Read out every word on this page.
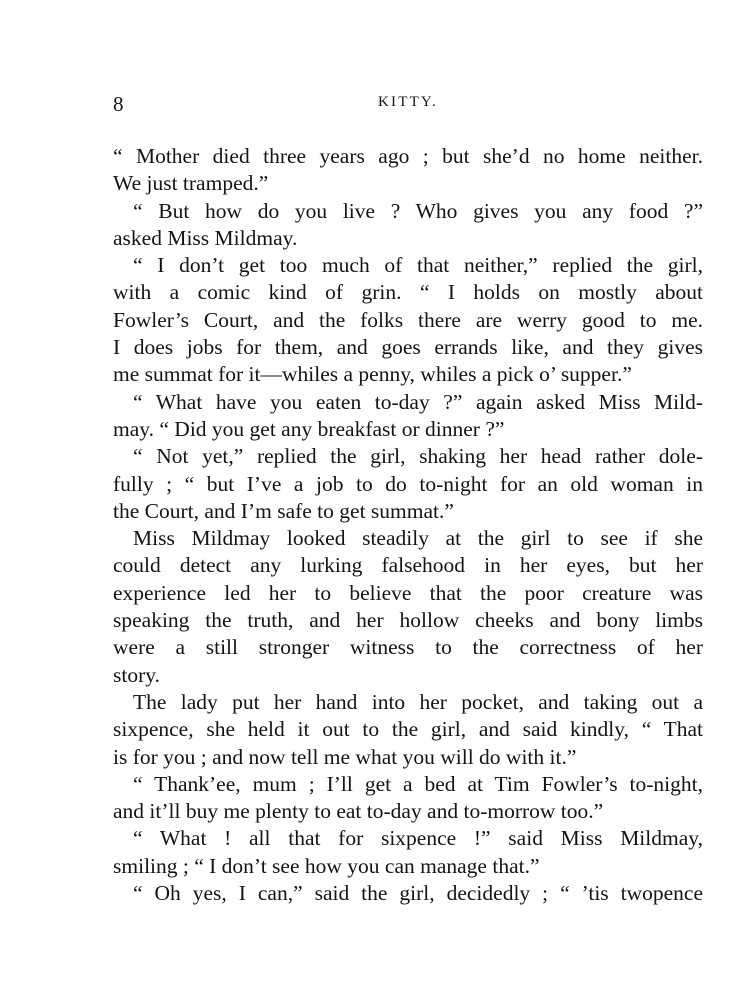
8	KITTY.
“ Mother died three years ago ; but she’d no home neither.
We just tramped.”
“ But how do you live ? Who gives you any food ?”
asked Miss Mildmay.
“ I don’t get too much of that neither,” replied the girl,
with a comic kind of grin. “ I holds on mostly about
Fowler’s Court, and the folks there are werry good to me.
I does jobs for them, and goes errands like, and they gives
me summat for it—whiles a penny, whiles a pick o’ supper.”
“ What have you eaten to-day ?” again asked Miss Mild-
may. “ Did you get any breakfast or dinner ?”
“ Not yet,” replied the girl, shaking her head rather dole-
fully ; “ but I’ve a job to do to-night for an old woman in
the Court, and I’m safe to get summat.”
Miss Mildmay looked steadily at the girl to see if she
could detect any lurking falsehood in her eyes, but her
experience led her to believe that the poor creature was
speaking the truth, and her hollow cheeks and bony limbs
were a still stronger witness to the correctness of her
story.
The lady put her hand into her pocket, and taking out a
sixpence, she held it out to the girl, and said kindly, “ That
is for you ; and now tell me what you will do with it.”
“ Thank’ee, mum ; I’ll get a bed at Tim Fowler’s to-night,
and it’ll buy me plenty to eat to-day and to-morrow too.”
“ What ! all that for sixpence !” said Miss Mildmay,
smiling ; “ I don’t see how you can manage that.”
“ Oh yes, I can,” said the girl, decidedly ; “ ’tis twopence
